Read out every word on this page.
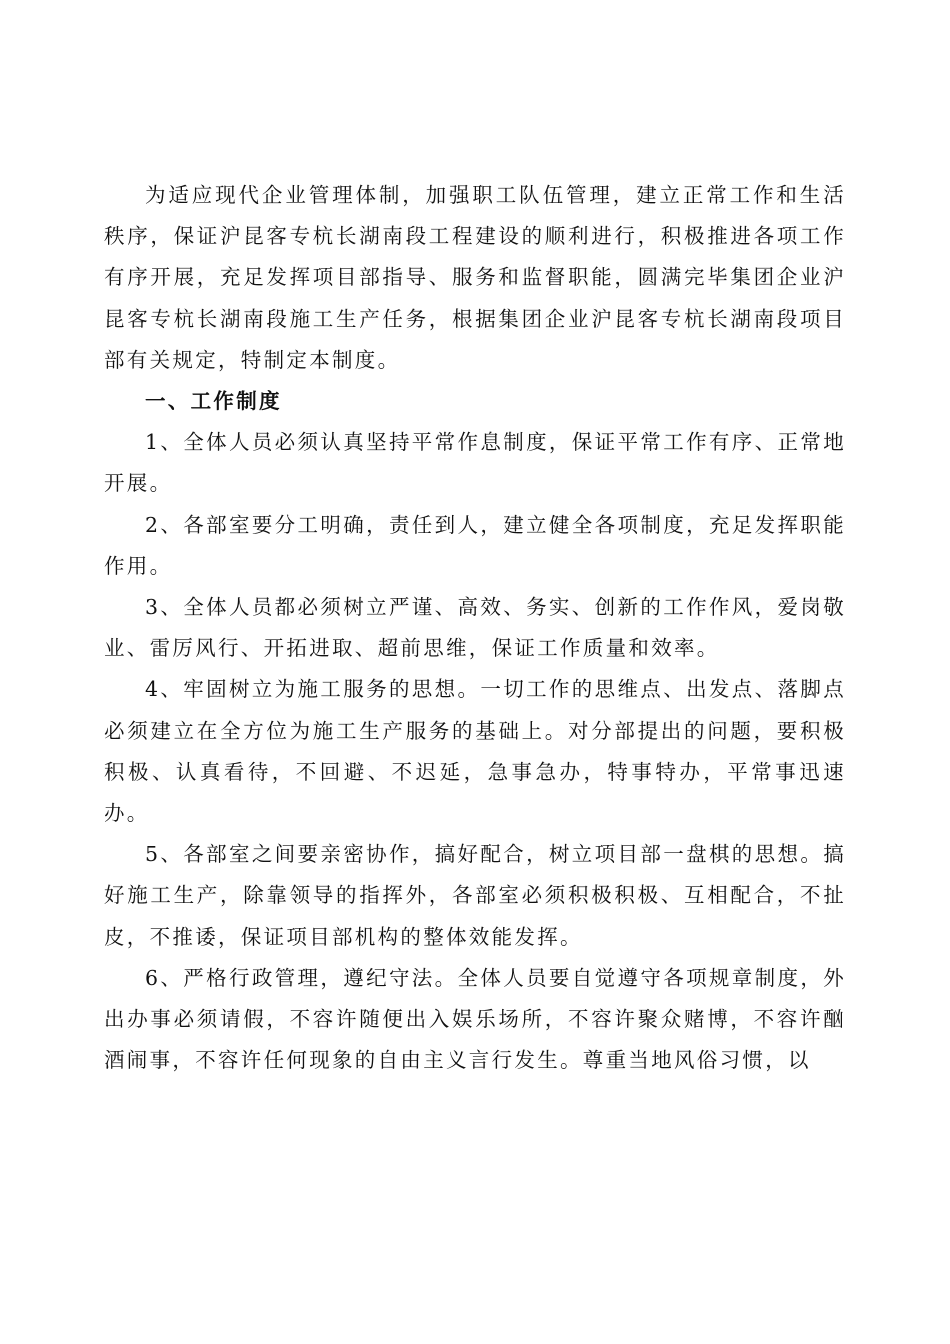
为适应现代企业管理体制，加强职工队伍管理，建立正常工作和生活秩序，保证沪昆客专杭长湖南段工程建设的顺利进行，积极推进各项工作有序开展，充足发挥项目部指导、服务和监督职能，圆满完毕集团企业沪昆客专杭长湖南段施工生产任务，根据集团企业沪昆客专杭长湖南段项目部有关规定，特制定本制度。

一、工作制度

1、全体人员必须认真坚持平常作息制度，保证平常工作有序、正常地开展。

2、各部室要分工明确，责任到人，建立健全各项制度，充足发挥职能作用。

3、全体人员都必须树立严谨、高效、务实、创新的工作作风，爱岗敬业、雷厉风行、开拓进取、超前思维，保证工作质量和效率。

4、牢固树立为施工服务的思想。一切工作的思维点、出发点、落脚点必须建立在全方位为施工生产服务的基础上。对分部提出的问题，要积极积极、认真看待，不回避、不迟延，急事急办，特事特办，平常事迅速办。

5、各部室之间要亲密协作，搞好配合，树立项目部一盘棋的思想。搞好施工生产，除靠领导的指挥外，各部室必须积极积极、互相配合，不扯皮，不推诿，保证项目部机构的整体效能发挥。

6、严格行政管理，遵纪守法。全体人员要自觉遵守各项规章制度，外出办事必须请假，不容许随便出入娱乐场所，不容许聚众赌博，不容许酗酒闹事，不容许任何现象的自由主义言行发生。尊重当地风俗习惯，以
